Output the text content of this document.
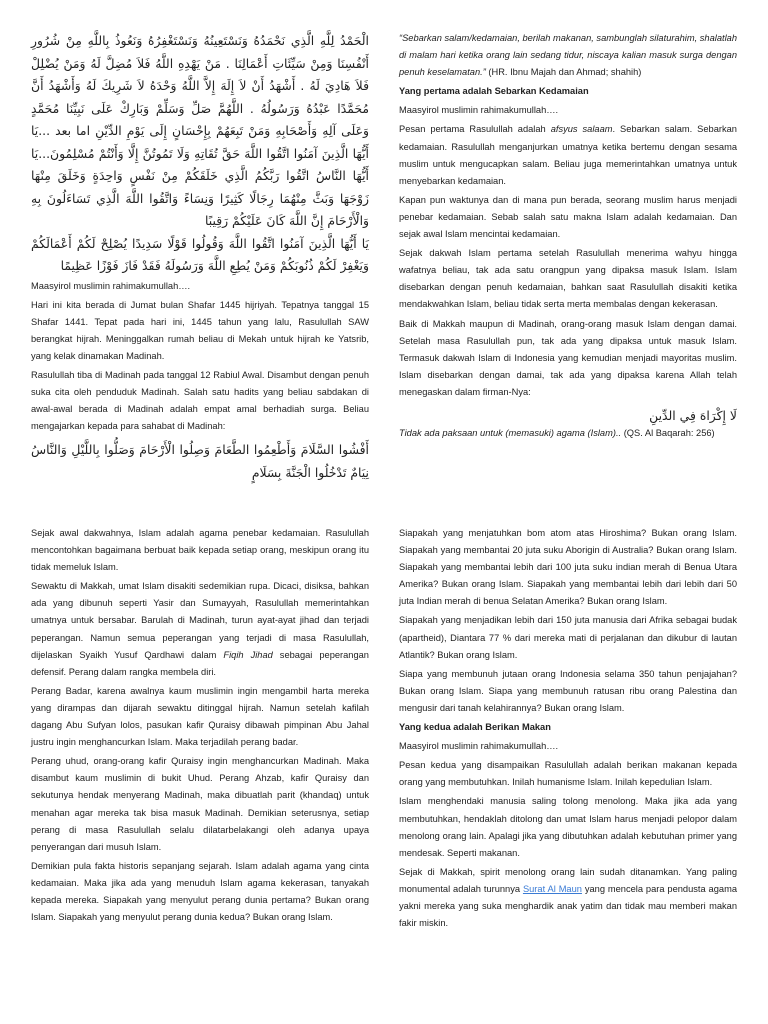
الْحَمْدُ لِلَّهِ الَّذِي نَحْمَدُهُ وَنَسْتَعِينُهُ وَنَسْتَغْفِرُهُ وَنَعُوذُ بِاللَّهِ مِنْ شُرُورِ أَنْفُسِنَا وَمِنْ سَيِّئَاتِ أَعْمَالِنَا . مَنْ يَهْدِهِ اللَّهُ فَلاَ مُضِلَّ لَهُ وَمَنْ يُضْلِلْ فَلاَ هَادِيَ لَهُ . أَشْهَدُ أَنْ لاَ إِلَهَ إِلاَّ اللَّهُ وَحْدَهُ لاَ شَرِيكَ لَهُ وَأَشْهَدُ أَنَّ مُحَمَّدًا عَبْدُهُ وَرَسُولُهُ . اللَّهُمَّ صَلِّ وَسَلِّمْ وَبَارِكْ عَلَى نَبِيِّنَا مُحَمَّدٍ وَعَلَى آلِهِ وَأَصْحَابِهِ وَمَنْ تَبِعَهُمْ بِإِحْسَانٍ إِلَى يَوْمِ الدِّيْنِ اما بعد ...يَا أَيُّهَا الَّذِينَ آمَنُوا اتَّقُوا اللَّهَ حَقَّ تُقَاتِهِ وَلَا تَمُوتُنَّ إِلَّا وَأَنْتُمْ مُسْلِمُونَ...يَا أَيُّهَا النَّاسُ اتَّقُوا رَبَّكُمُ الَّذِي خَلَقَكُمْ مِنْ نَفْسٍ وَاحِدَةٍ وَخَلَقَ مِنْهَا زَوْجَهَا وَبَثَّ مِنْهُمَا رِجَالًا كَثِيرًا وَنِسَاءً وَاتَّقُوا اللَّهَ الَّذِي تَسَاءَلُونَ بِهِ وَالْأَرْحَامَ إِنَّ اللَّهَ كَانَ عَلَيْكُمْ رَقِيبًا

يَا أَيُّهَا الَّذِينَ آمَنُوا اتَّقُوا اللَّهَ وَقُولُوا قَوْلًا سَدِيدًا يُصْلِحْ لَكُمْ أَعْمَالَكُمْ وَيَغْفِرْ لَكُمْ ذُنُوبَكُمْ وَمَنْ يُطِعِ اللَّهَ وَرَسُولَهُ فَقَدْ فَازَ فَوْزًا عَظِيمًا

Maasyirol muslimin rahimakumullah….

Hari ini kita berada di Jumat bulan Shafar 1445 hijriyah. Tepatnya tanggal 15 Shafar 1441. Tepat pada hari ini, 1445 tahun yang lalu, Rasulullah SAW berangkat hijrah. Meninggalkan rumah beliau di Mekah untuk hijrah ke Yatsrib, yang kelak dinamakan Madinah.

Rasulullah tiba di Madinah pada tanggal 12 Rabiul Awal. Disambut dengan penuh suka cita oleh penduduk Madinah. Salah satu hadits yang beliau sabdakan di awal-awal berada di Madinah adalah empat amal berhadiah surga. Beliau mengajarkan kepada para sahabat di Madinah:

أَفْشُوا السَّلَامَ وَأَطْعِمُوا الطَّعَامَ وَصِلُوا الْأَرْحَامَ وَصَلُّوا بِاللَّيْلِ وَالنَّاسُ نِيَامٌ تَدْخُلُوا الْجَنَّةَ بِسَلَامٍ

“Sebarkan salam/kedamaian, berilah makanan, sambunglah silaturahim, shalatlah di malam hari ketika orang lain sedang tidur, niscaya kalian masuk surga dengan penuh keselamatan.” (HR. Ibnu Majah dan Ahmad; shahih)

Yang pertama adalah Sebarkan Kedamaian

Maasyirol muslimin rahimakumullah….

Pesan pertama Rasulullah adalah afsyus salaam. Sebarkan salam. Sebarkan kedamaian. Rasulullah menganjurkan umatnya ketika bertemu dengan sesama muslim untuk mengucapkan salam. Beliau juga memerintahkan umatnya untuk menyebarkan kedamaian.

Kapan pun waktunya dan di mana pun berada, seorang muslim harus menjadi penebar kedamaian. Sebab salah satu makna Islam adalah kedamaian. Dan sejak awal Islam mencintai kedamaian.

Sejak dakwah Islam pertama setelah Rasulullah menerima wahyu hingga wafatnya beliau, tak ada satu orangpun yang dipaksa masuk Islam. Islam disebarkan dengan penuh kedamaian, bahkan saat Rasulullah disakiti ketika mendakwahkan Islam, beliau tidak serta merta membalas dengan kekerasan.

Baik di Makkah maupun di Madinah, orang-orang masuk Islam dengan damai. Setelah masa Rasulullah pun, tak ada yang dipaksa untuk masuk Islam. Termasuk dakwah Islam di Indonesia yang kemudian menjadi mayoritas muslim. Islam disebarkan dengan damai, tak ada yang dipaksa karena Allah telah menegaskan dalam firman-Nya:

لَا إِكْرَاهَ فِي الدِّينِ

Tidak ada paksaan untuk (memasuki) agama (Islam).. (QS. Al Baqarah: 256)

Sejak awal dakwahnya, Islam adalah agama penebar kedamaian. Rasulullah mencontohkan bagaimana berbuat baik kepada setiap orang, meskipun orang itu tidak memeluk Islam.

Sewaktu di Makkah, umat Islam disakiti sedemikian rupa. Dicaci, disiksa, bahkan ada yang dibunuh seperti Yasir dan Sumayyah, Rasulullah memerintahkan umatnya untuk bersabar. Barulah di Madinah, turun ayat-ayat jihad dan terjadi peperangan. Namun semua peperangan yang terjadi di masa Rasulullah, dijelaskan Syaikh Yusuf Qardhawi dalam Fiqih Jihad sebagai peperangan defensif. Perang dalam rangka membela diri.

Perang Badar, karena awalnya kaum muslimin ingin mengambil harta mereka yang dirampas dan dijarah sewaktu ditinggal hijrah. Namun setelah kafilah dagang Abu Sufyan lolos, pasukan kafir Quraisy dibawah pimpinan Abu Jahal justru ingin menghancurkan Islam. Maka terjadilah perang badar.

Perang uhud, orang-orang kafir Quraisy ingin menghancurkan Madinah. Maka disambut kaum muslimin di bukit Uhud. Perang Ahzab, kafir Quraisy dan sekutunya hendak menyerang Madinah, maka dibuatlah parit (khandaq) untuk menahan agar mereka tak bisa masuk Madinah. Demikian seterusnya, setiap perang di masa Rasulullah selalu dilatarbelakangi oleh adanya upaya penyerangan dari musuh Islam.

Demikian pula fakta historis sepanjang sejarah. Islam adalah agama yang cinta kedamaian. Maka jika ada yang menuduh Islam agama kekerasan, tanyakah kepada mereka. Siapakah yang menyulut perang dunia pertama? Bukan orang Islam. Siapakah yang menyulut perang dunia kedua? Bukan orang Islam.

Siapakah yang menjatuhkan bom atom atas Hiroshima? Bukan orang Islam. Siapakah yang membantai 20 juta suku Aborigin di Australia? Bukan orang Islam. Siapakah yang membantai lebih dari 100 juta suku indian merah di Benua Utara Amerika? Bukan orang Islam. Siapakah yang membantai lebih dari lebih dari 50 juta Indian merah di benua Selatan Amerika? Bukan orang Islam.

Siapakah yang menjadikan lebih dari 150 juta manusia dari Afrika sebagai budak (apartheid), Diantara 77 % dari mereka mati di perjalanan dan dikubur di lautan Atlantik? Bukan orang Islam.

Siapa yang membunuh jutaan orang Indonesia selama 350 tahun penjajahan? Bukan orang Islam. Siapa yang membunuh ratusan ribu orang Palestina dan mengusir dari tanah kelahirannya? Bukan orang Islam.

Yang kedua adalah Berikan Makan

Maasyirol muslimin rahimakumullah….

Pesan kedua yang disampaikan Rasulullah adalah berikan makanan kepada orang yang membutuhkan. Inilah humanisme Islam. Inilah kepedulian Islam.

Islam menghendaki manusia saling tolong menolong. Maka jika ada yang membutuhkan, hendaklah ditolong dan umat Islam harus menjadi pelopor dalam menolong orang lain. Apalagi jika yang dibutuhkan adalah kebutuhan primer yang mendesak. Seperti makanan.

Sejak di Makkah, spirit menolong orang lain sudah ditanamkan. Yang paling monumental adalah turunnya Surat Al Maun yang mencela para pendusta agama yakni mereka yang suka menghardik anak yatim dan tidak mau memberi makan fakir miskin.
